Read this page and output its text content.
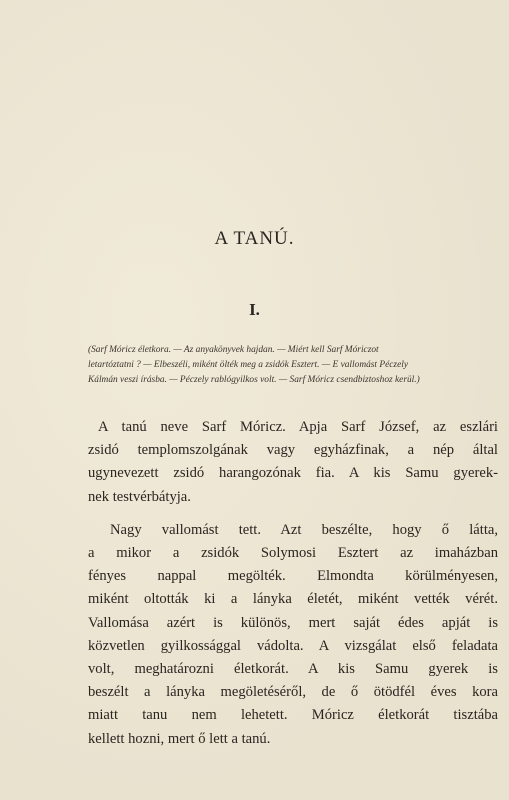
A TANÚ.
I.
(Sarf Móricz életkora. — Az anyakönyvek hajdan. — Miért kell Sarf Móriczot
letartóztatni ? — Elbeszéli, miként ölték meg a zsidók Esztert. — E vallomást Péczely
Kálmán veszi írásba. — Péczely rablógyilkos volt. — Sarf Móricz csendbiztoshoz kerül.)

A tanú neve Sarf Móricz. Apja Sarf József, az eszlári
zsidó templomszolgának vagy egyházfinak, a nép által
ugynevezett zsidó harangozónak fia. A kis Samu gyerek-
nek testvérbátyja.

Nagy vallomást tett. Azt beszélte, hogy ő látta,
a mikor a zsidók Solymosi Esztert az imaházban
fényes nappal megölték. Elmondta körülményesen,
miként oltották ki a lányka életét, miként vették vérét.
Vallomása azért is különös, mert saját édes apját is
közvetlen gyilkossággal vádolta. A vizsgálat első feladata
volt, meghatározni életkorát. A kis Samu gyerek is
beszélt a lányka megöletéséről, de ő ötödfél éves kora
miatt tanu nem lehetett. Móricz életkorát tisztába
kellett hozni, mert ő lett a tanú.
